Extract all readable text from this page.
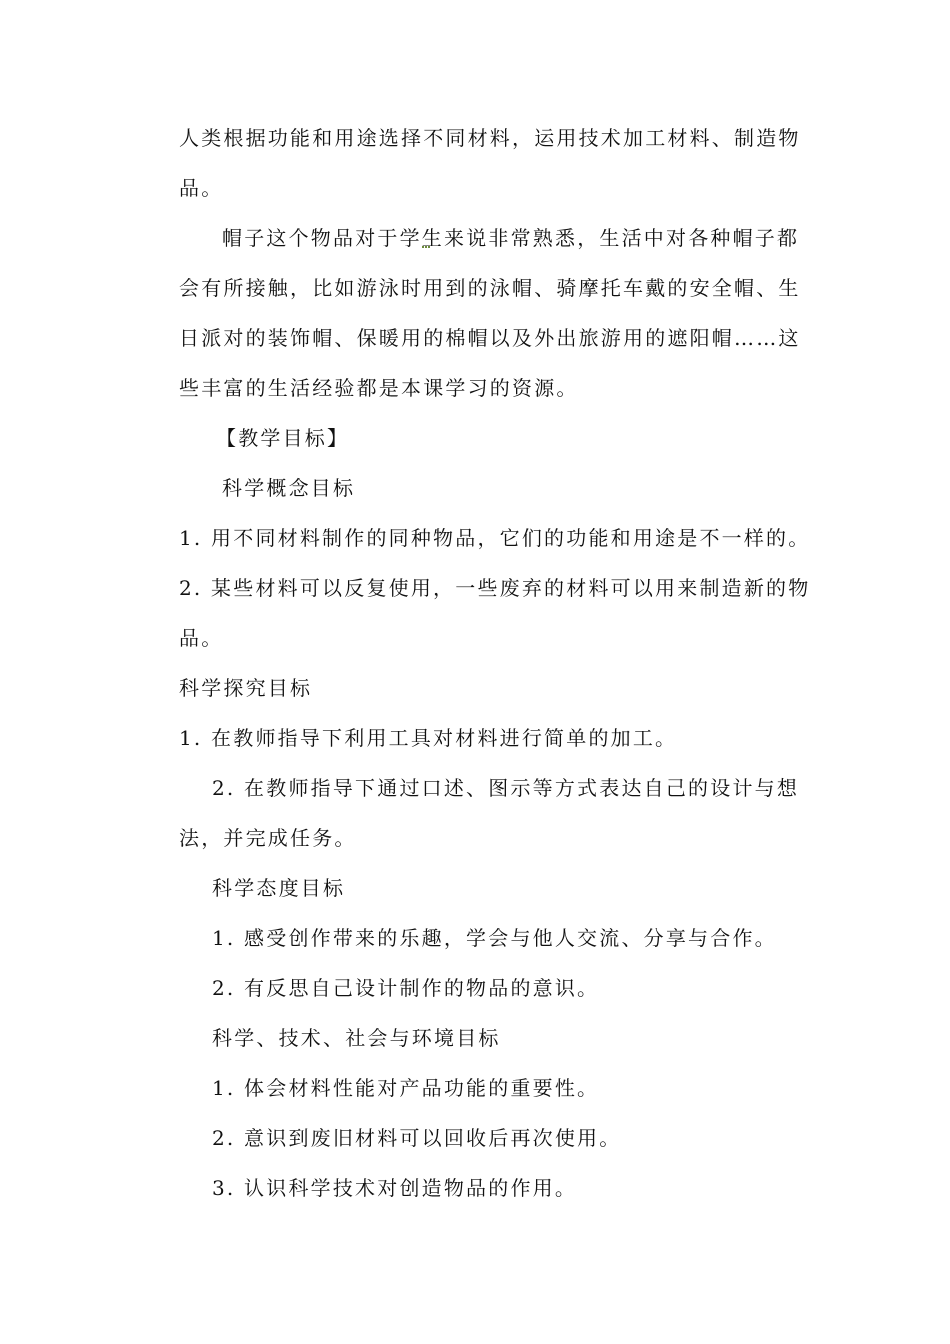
人类根据功能和用途选择不同材料，运用技术加工材料、制造物
品。
帽子这个物品对于学生来说非常熟悉，生活中对各种帽子都
会有所接触，比如游泳时用到的泳帽、骑摩托车戴的安全帽、生
日派对的装饰帽、保暖用的棉帽以及外出旅游用的遮阳帽……这
些丰富的生活经验都是本课学习的资源。
【教学目标】
科学概念目标
1. 用不同材料制作的同种物品，它们的功能和用途是不一样的。
2. 某些材料可以反复使用，一些废弃的材料可以用来制造新的物
品。
科学探究目标
1. 在教师指导下利用工具对材料进行简单的加工。
2. 在教师指导下通过口述、图示等方式表达自己的设计与想
法，并完成任务。
科学态度目标
1. 感受创作带来的乐趣，学会与他人交流、分享与合作。
2. 有反思自己设计制作的物品的意识。
科学、技术、社会与环境目标
1. 体会材料性能对产品功能的重要性。
2. 意识到废旧材料可以回收后再次使用。
3. 认识科学技术对创造物品的作用。
